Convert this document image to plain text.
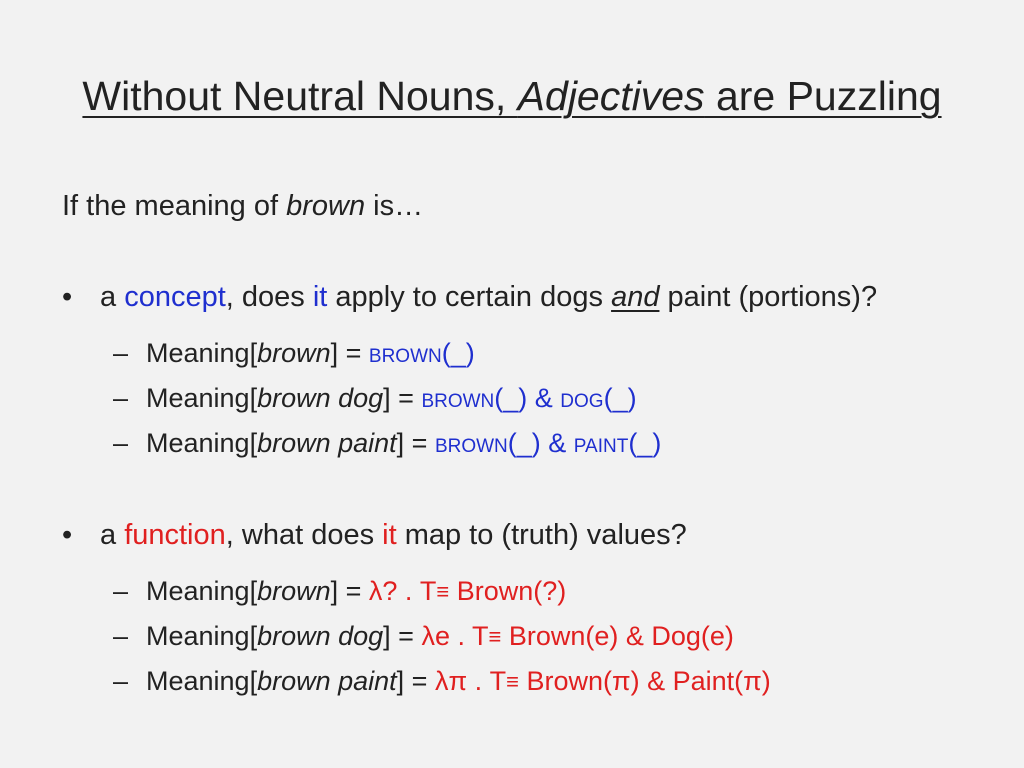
Without Neutral Nouns, Adjectives are Puzzling
If the meaning of brown is…
• a concept, does it apply to certain dogs and paint (portions)?
– Meaning[brown] = BROWN(_)
– Meaning[brown dog] = BROWN(_) & DOG(_)
– Meaning[brown paint] = BROWN(_) & PAINT(_)
• a function, what does it map to (truth) values?
– Meaning[brown] = λ? . T≡ Brown(?)
– Meaning[brown dog] = λe . T≡ Brown(e) & Dog(e)
– Meaning[brown paint] = λπ . T≡ Brown(π) & Paint(π)
